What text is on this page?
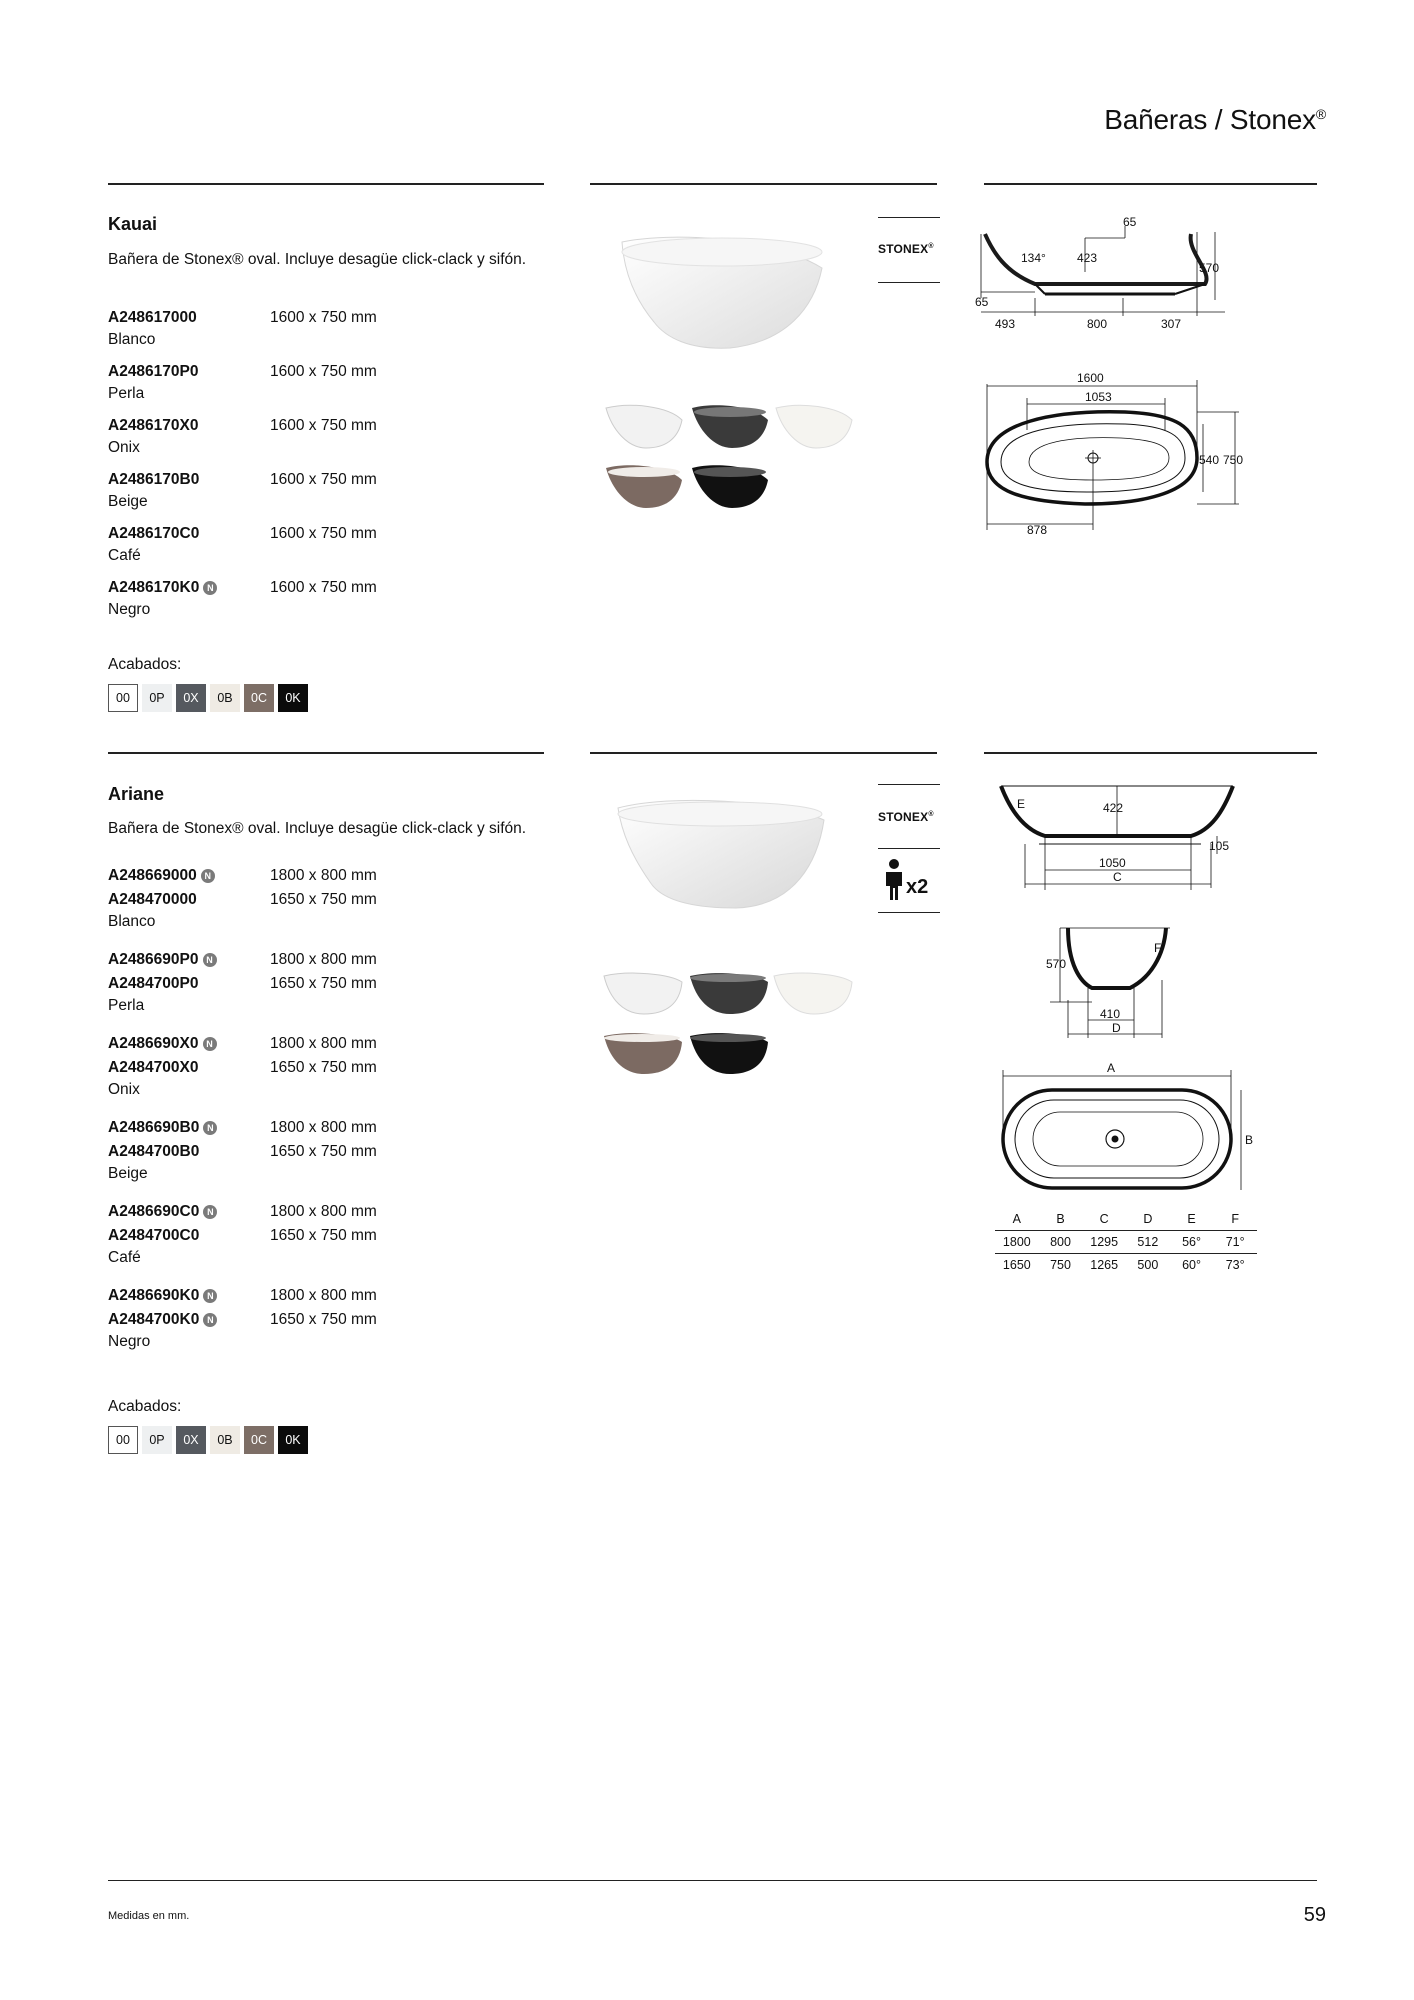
Bañeras / Stonex®
Kauai
Bañera de Stonex® oval. Incluye desagüe click-clack y sifón.
A248617000	1600 x 750 mm
Blanco
A2486170P0	1600 x 750 mm
Perla
A2486170X0	1600 x 750 mm
Onix
A2486170B0	1600 x 750 mm
Beige
A2486170C0	1600 x 750 mm
Café
A2486170K0 N	1600 x 750 mm
Negro
Acabados:
00	0P	0X	0B	0C	0K
STONEX®
65
134°	423
570
65
493	800	307
1600
1053
540 750
878
Ariane
Bañera de Stonex® oval. Incluye desagüe click-clack y sifón.
A248669000 N	1800 x 800 mm
A248470000	1650 x 750 mm
Blanco
A2486690P0 N	1800 x 800 mm
A2484700P0	1650 x 750 mm
Perla
A2486690X0 N	1800 x 800 mm
A2484700X0	1650 x 750 mm
Onix
A2486690B0 N	1800 x 800 mm
A2484700B0	1650 x 750 mm
Beige
A2486690C0 N	1800 x 800 mm
A2484700C0	1650 x 750 mm
Café
A2486690K0 N	1800 x 800 mm
A2484700K0 N	1650 x 750 mm
Negro
Acabados:
00	0P	0X	0B	0C	0K
STONEX®
x2
E	422
105
1050
C
570
F
410
D
A
B
A	B	C	D	E	F
1800	800	1295	512	56°	71°
1650	750	1265	500	60°	73°
Medidas en mm.	59
